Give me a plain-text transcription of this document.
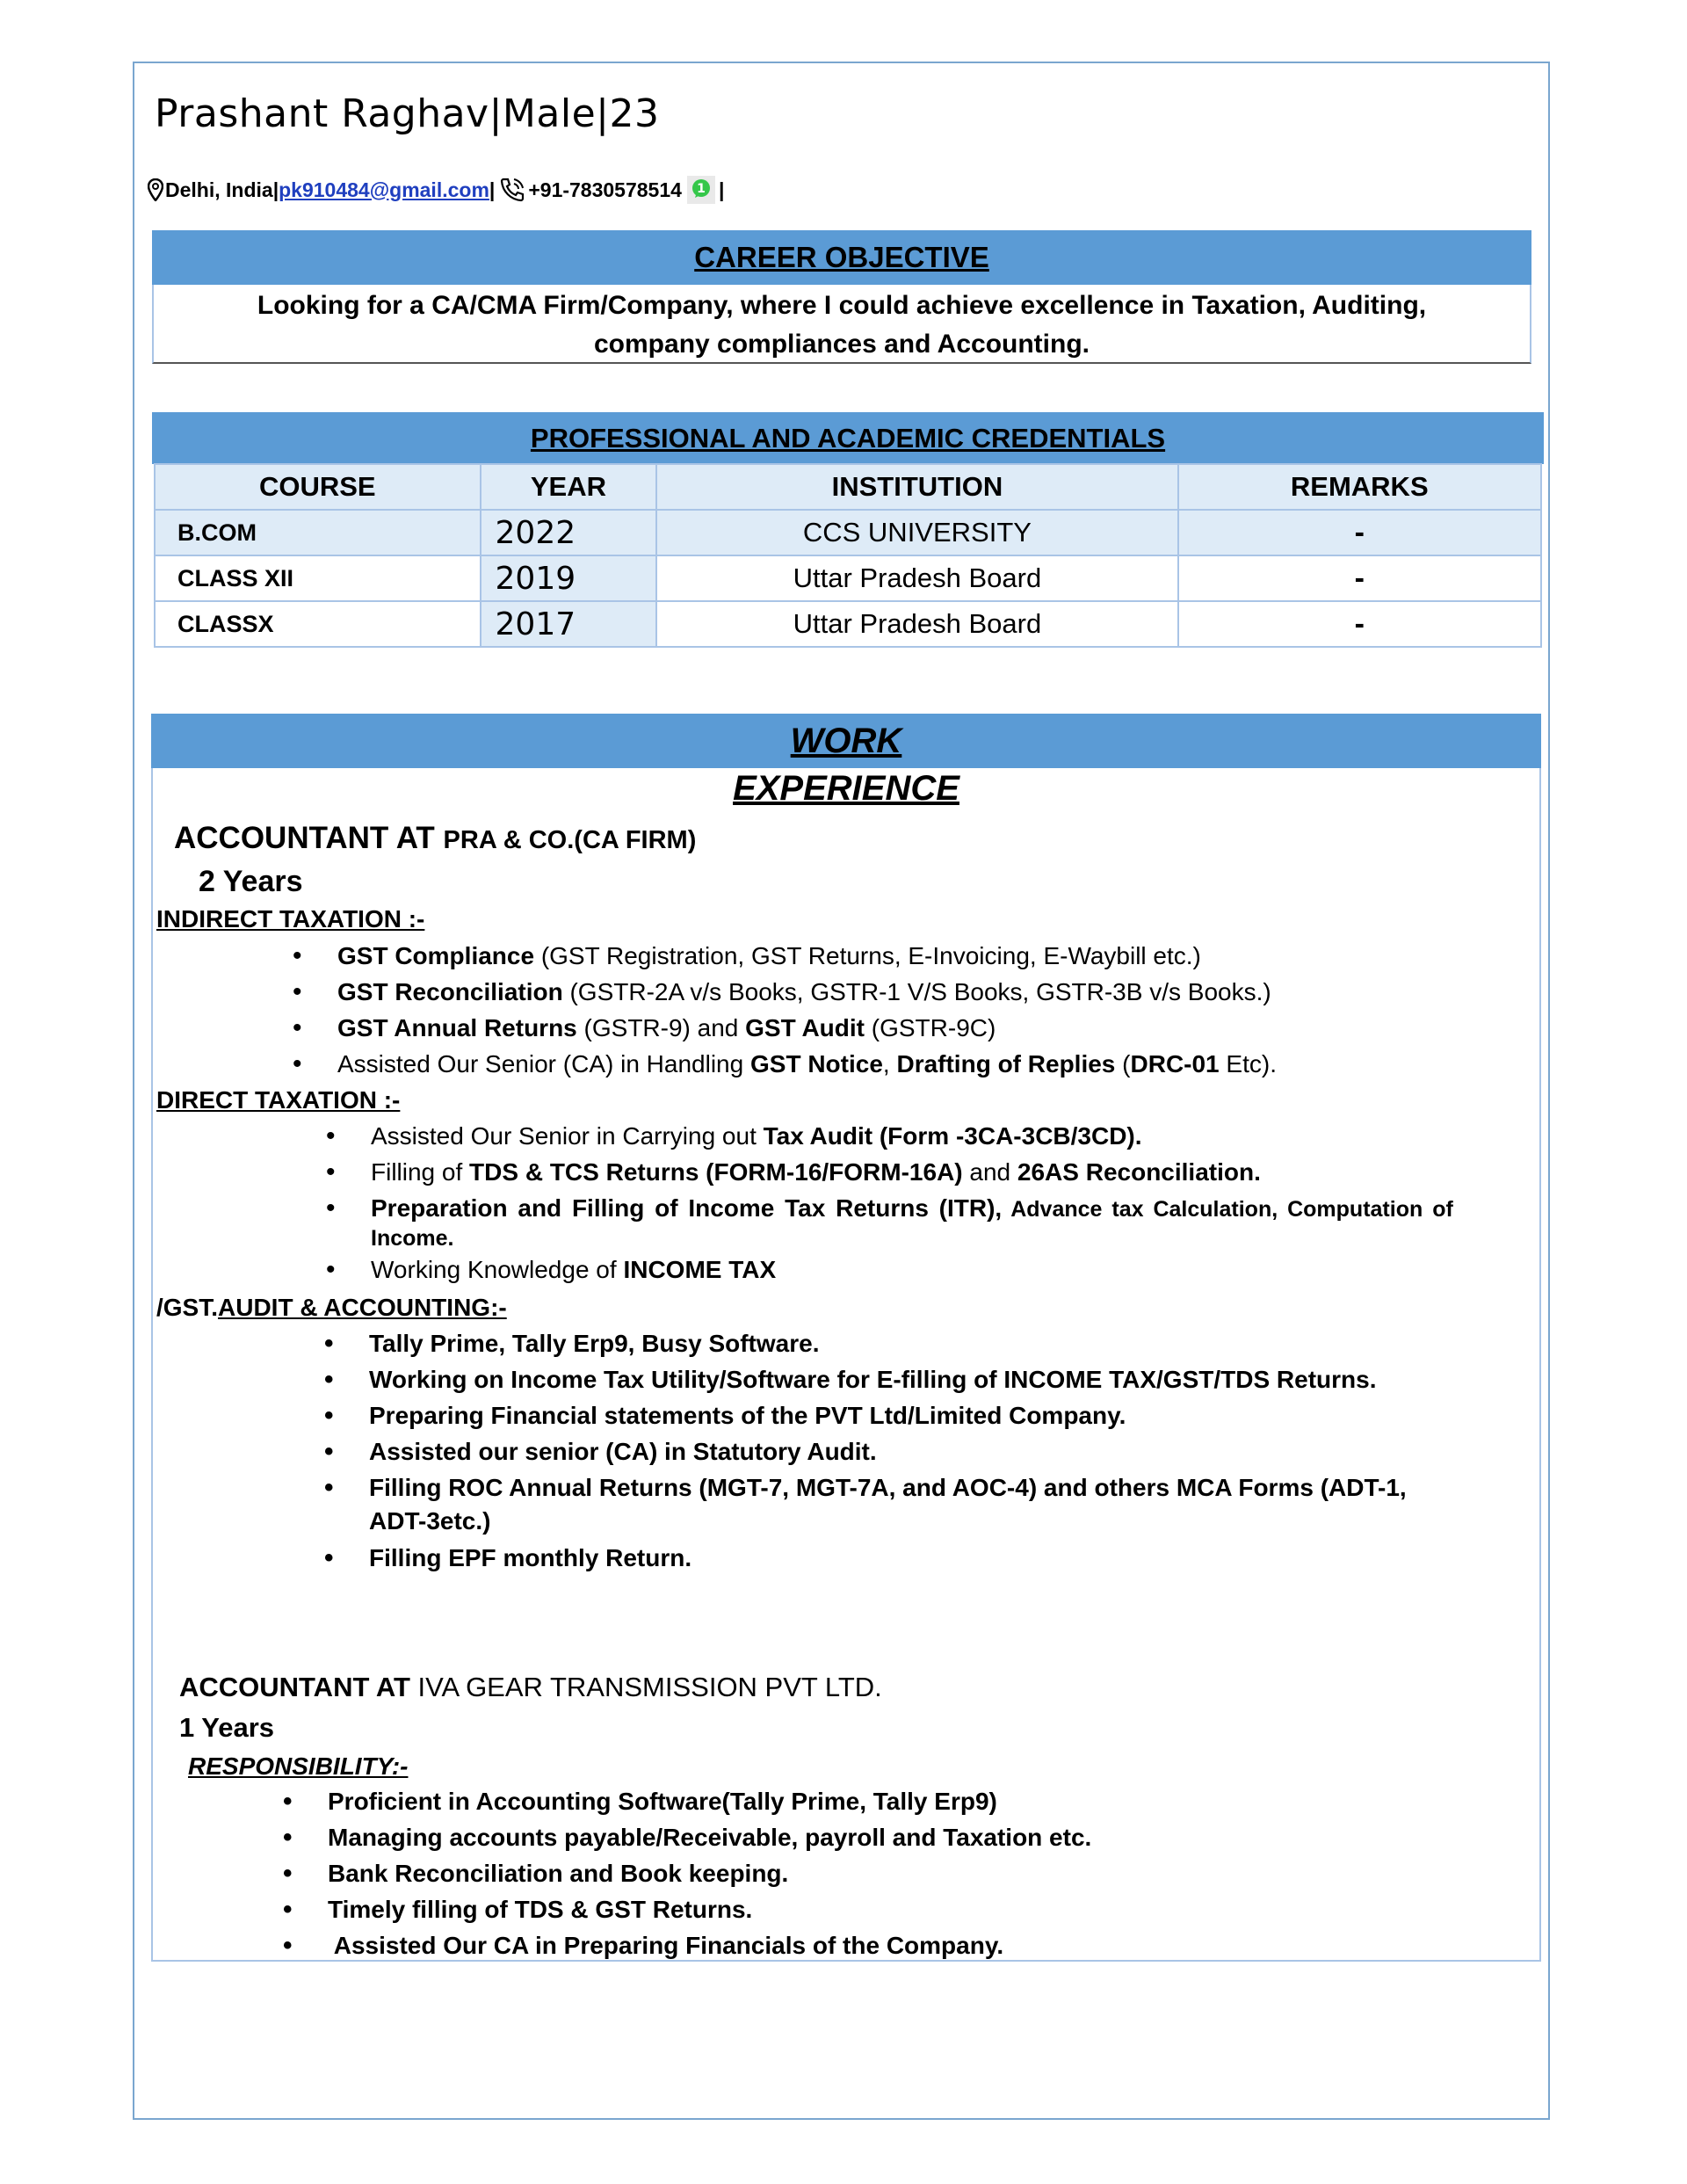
Prashant Raghav|Male|23
Delhi, India | pk910484@gmail.com | +91-7830578514 1 |
CAREER OBJECTIVE
Looking for a CA/CMA Firm/Company, where I could achieve excellence in Taxation, Auditing,
company compliances and Accounting.
PROFESSIONAL AND ACADEMIC CREDENTIALS
COURSE	YEAR	INSTITUTION	REMARKS
B.COM	2022	CCS UNIVERSITY	-
CLASS XII	2019	Uttar Pradesh Board	-
CLASSX	2017	Uttar Pradesh Board	-
WORK
EXPERIENCE
ACCOUNTANT AT PRA & CO.(CA FIRM)
2 Years
INDIRECT TAXATION :-
• GST Compliance (GST Registration, GST Returns, E-Invoicing, E-Waybill etc.)
• GST Reconciliation (GSTR-2A v/s Books, GSTR-1 V/S Books, GSTR-3B v/s Books.)
• GST Annual Returns (GSTR-9) and GST Audit (GSTR-9C)
• Assisted Our Senior (CA) in Handling GST Notice, Drafting of Replies (DRC-01 Etc).
DIRECT TAXATION :-
• Assisted Our Senior in Carrying out Tax Audit (Form -3CA-3CB/3CD).
• Filling of TDS & TCS Returns (FORM-16/FORM-16A) and 26AS Reconciliation.
• Preparation and Filling of Income Tax Returns (ITR), Advance tax Calculation, Computation of
Income.
• Working Knowledge of INCOME TAX
/GST.AUDIT & ACCOUNTING:-
• Tally Prime, Tally Erp9, Busy Software.
• Working on Income Tax Utility/Software for E-filling of INCOME TAX/GST/TDS Returns.
• Preparing Financial statements of the PVT Ltd/Limited Company.
• Assisted our senior (CA) in Statutory Audit.
• Filling ROC Annual Returns (MGT-7, MGT-7A, and AOC-4) and others MCA Forms (ADT-1,
ADT-3etc.)
• Filling EPF monthly Return.
ACCOUNTANT AT IVA GEAR TRANSMISSION PVT LTD.
1 Years
RESPONSIBILITY:-
• Proficient in Accounting Software(Tally Prime, Tally Erp9)
• Managing accounts payable/Receivable, payroll and Taxation etc.
• Bank Reconciliation and Book keeping.
• Timely filling of TDS & GST Returns.
•  Assisted Our CA in Preparing Financials of the Company.
